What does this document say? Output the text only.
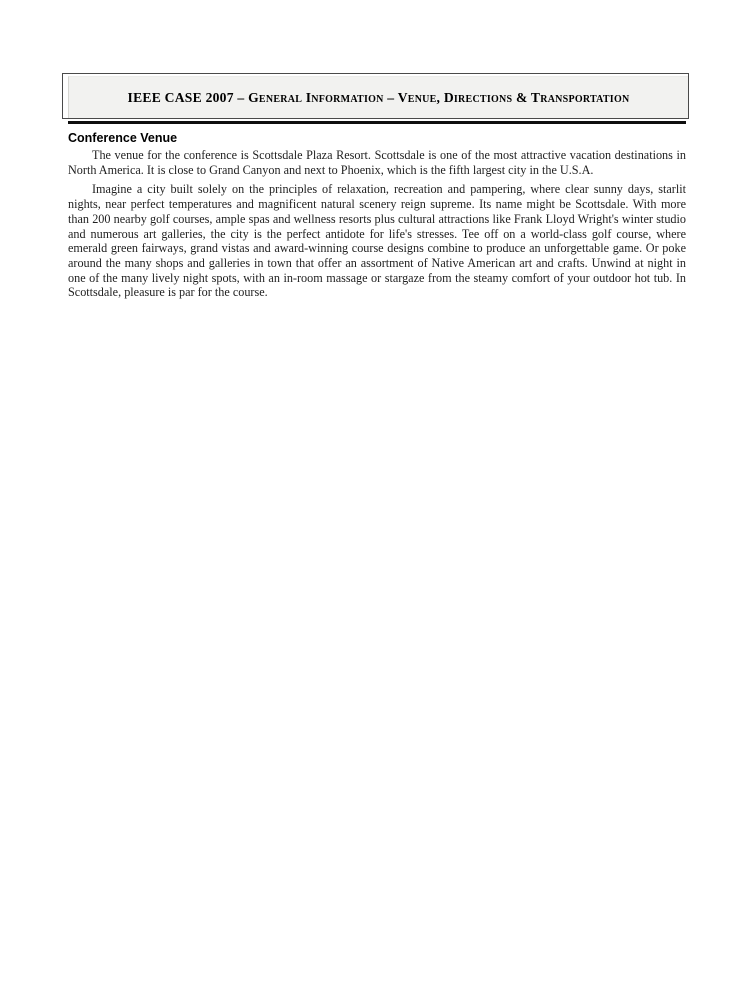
IEEE CASE 2007 – General Information – Venue, Directions & Transportation
Conference Venue

The venue for the conference is Scottsdale Plaza Resort. Scottsdale is one of the most attractive vacation destinations in North America. It is close to Grand Canyon and next to Phoenix, which is the fifth largest city in the U.S.A.

Imagine a city built solely on the principles of relaxation, recreation and pampering, where clear sunny days, starlit nights, near perfect temperatures and magnificent natural scenery reign supreme. Its name might be Scottsdale. With more than 200 nearby golf courses, ample spas and wellness resorts plus cultural attractions like Frank Lloyd Wright's winter studio and numerous art galleries, the city is the perfect antidote for life's stresses. Tee off on a world-class golf course, where emerald green fairways, grand vistas and award-winning course designs combine to produce an unforgettable game. Or poke around the many shops and galleries in town that offer an assortment of Native American art and crafts. Unwind at night in one of the many lively night spots, with an in-room massage or stargaze from the steamy comfort of your outdoor hot tub. In Scottsdale, pleasure is par for the course.
